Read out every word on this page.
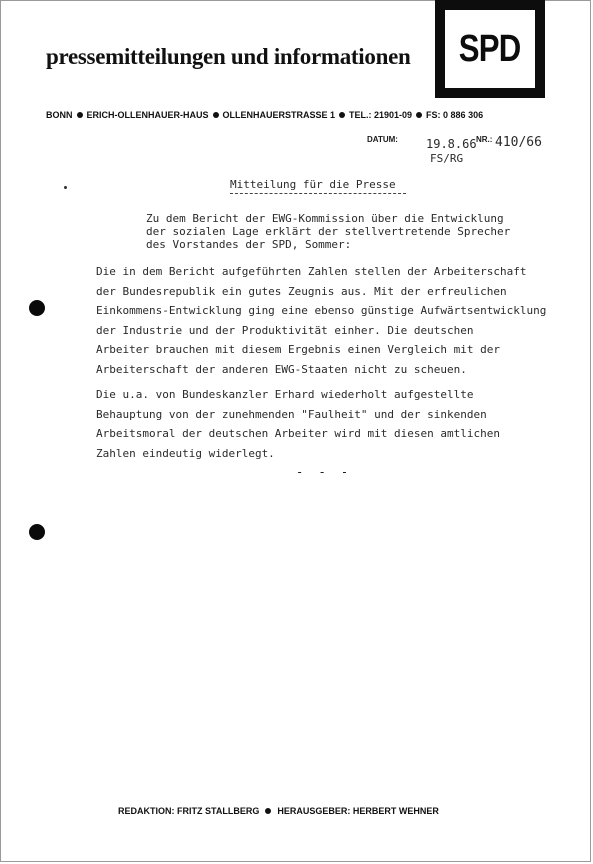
pressemitteilungen und informationen SPD
BONN ERICH-OLLENHAUER-HAUS OLLENHAUERSTRASSE 1 TEL.: 21901-09 FS: 0 886 306
DATUM: 19.8.66 NR.: 410/66
FS/RG
Mitteilung für die Presse
Zu dem Bericht der EWG-Kommission über die Entwicklung
der sozialen Lage erklärt der stellvertretende Sprecher
des Vorstandes der SPD, Sommer:
Die in dem Bericht aufgeführten Zahlen stellen der Arbeiterschaft
der Bundesrepublik ein gutes Zeugnis aus. Mit der erfreulichen
Einkommens-Entwicklung ging eine ebenso günstige Aufwärtsentwicklung
der Industrie und der Produktivität einher. Die deutschen
Arbeiter brauchen mit diesem Ergebnis einen Vergleich mit der
Arbeiterschaft der anderen EWG-Staaten nicht zu scheuen.
Die u.a. von Bundeskanzler Erhard wiederholt aufgestellte
Behauptung von der zunehmenden "Faulheit" und der sinkenden
Arbeitsmoral der deutschen Arbeiter wird mit diesen amtlichen
Zahlen eindeutig widerlegt.
- - -
REDAKTION: FRITZ STALLBERG HERAUSGEBER: HERBERT WEHNER
